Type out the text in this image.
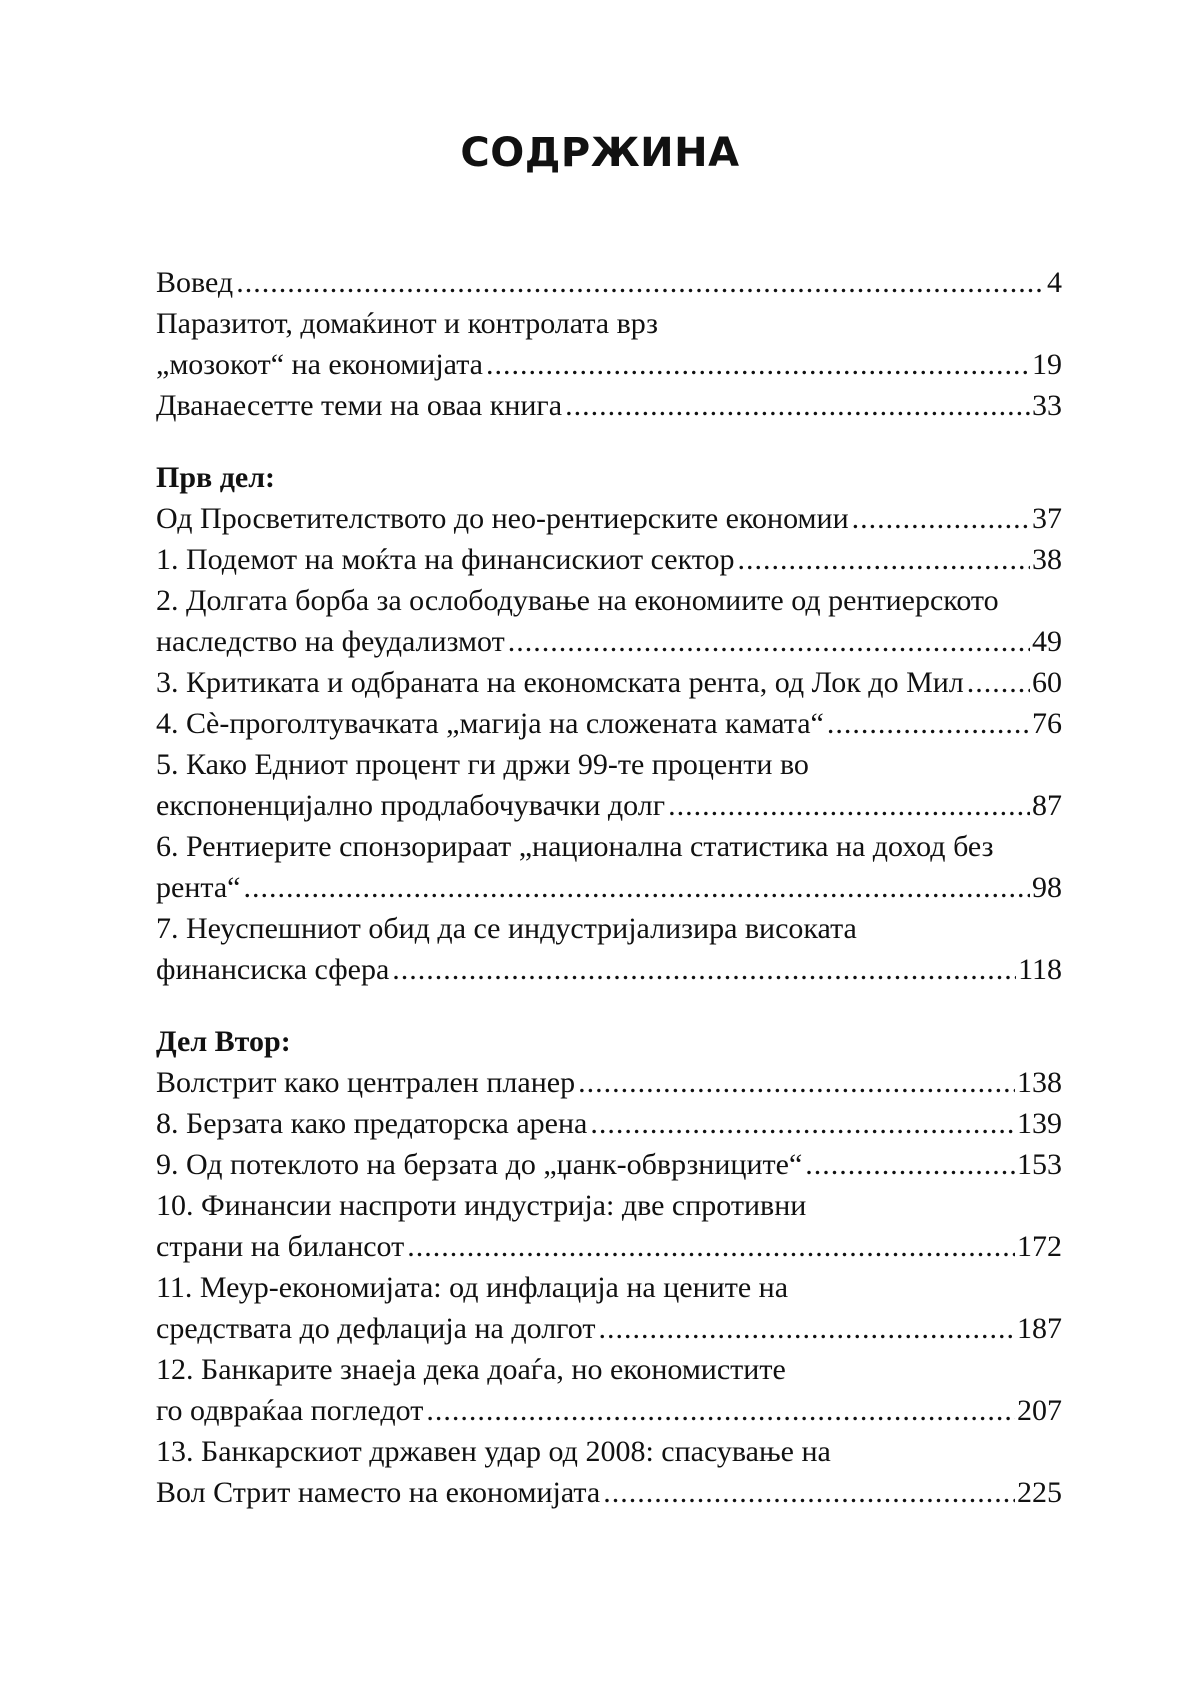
СОДРЖИНА
Вовед .....	4
Паразитот, домаќинот и контролата врз
„мозокот“ на економијата .....	19
Дванаесетте теми на оваа книга .....	33
Прв дел:
Од Просветителството до нео-рентиерските економии .....	37
1. Подемот на моќта на финансискиот сектор .....	38
2. Долгата борба за ослободување на економиите од рентиерското
наследство на феудализмот .....	49
3. Критиката и одбраната на економската рента, од Лок до Мил ..... 60
4. Сѐ-проголтувачката „магија на сложената камата“ .....	76
5. Како Едниот процент ги држи 99-те проценти во
експоненцијално продлабочувачки долг .....	87
6. Рентиерите спонзорираат „национална статистика на доход без
рента“ .....	98
7. Неуспешниот обид да се индустријализира високата
финансиска сфера .....	118
Дел Втор:
Волстрит како централен планер .....	138
8. Берзата како предаторска арена .....	139
9. Од потеклото на берзата до „џанк-обврзниците“ .....	153
10. Финансии наспроти индустрија: две спротивни
страни на билансот .....	172
11. Меур-економијата: од инфлација на цените на
средствата до дефлација на долгот .....	187
12. Банкарите знаеја дека доаѓа, но економистите
го одвраќаа погледот .....	207
13. Банкарскиот државен удар од 2008: спасување на
Вол Стрит наместо на економијата .....	225
